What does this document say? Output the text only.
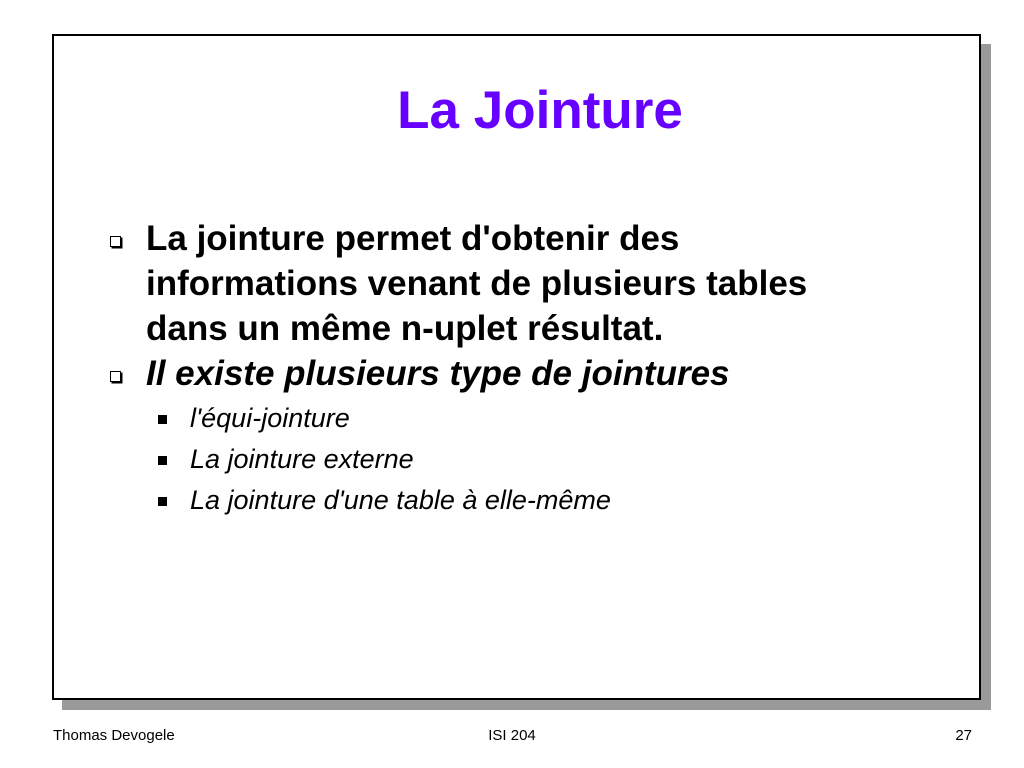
La Jointure
La jointure permet d'obtenir des
informations venant de plusieurs tables
dans un même n-uplet résultat.
Il existe plusieurs type de jointures
l'équi-jointure
La jointure externe
La jointure d'une table à elle-même
Thomas Devogele	ISI 204	27
